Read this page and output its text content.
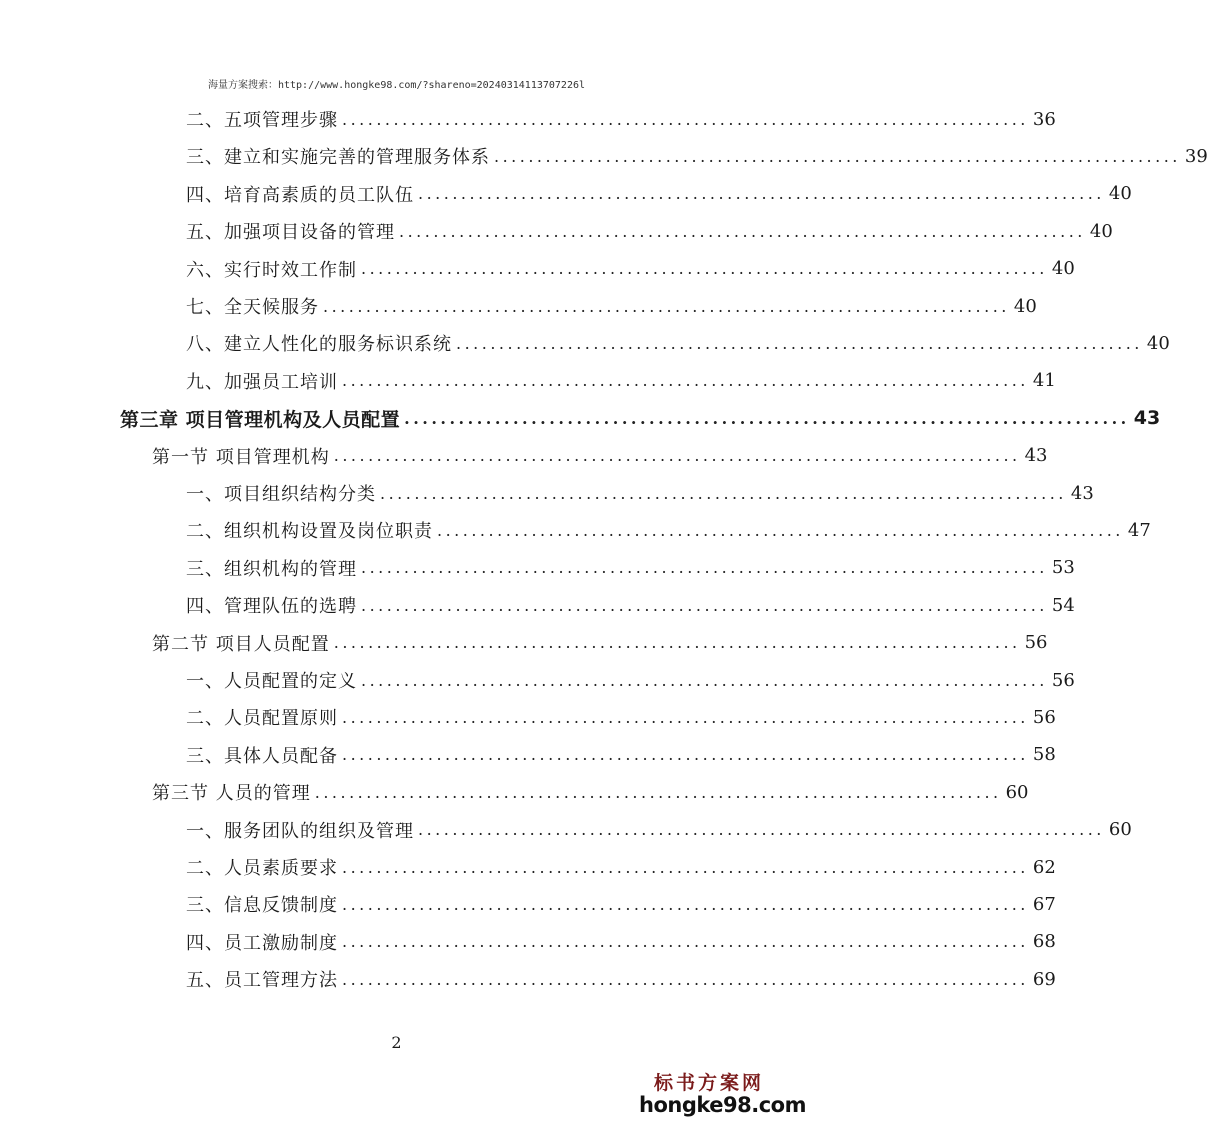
海量方案搜索：http://www.hongke98.com/?shareno=20240314113707226l
二、五项管理步骤 ................................................................................ 36
三、建立和实施完善的管理服务体系 ................................................................................ 39
四、培育高素质的员工队伍 ................................................................................ 40
五、加强项目设备的管理 ................................................................................ 40
六、实行时效工作制 ................................................................................ 40
七、全天候服务 ................................................................................ 40
八、建立人性化的服务标识系统 ................................................................................ 40
九、加强员工培训 ................................................................................ 41
第三章 项目管理机构及人员配置 ................................................................................ 43
第一节 项目管理机构 ................................................................................ 43
一、项目组织结构分类 ................................................................................ 43
二、组织机构设置及岗位职责 ................................................................................ 47
三、组织机构的管理 ................................................................................ 53
四、管理队伍的选聘 ................................................................................ 54
第二节 项目人员配置 ................................................................................ 56
一、人员配置的定义 ................................................................................ 56
二、人员配置原则 ................................................................................ 56
三、具体人员配备 ................................................................................ 58
第三节 人员的管理 ................................................................................ 60
一、服务团队的组织及管理 ................................................................................ 60
二、人员素质要求 ................................................................................ 62
三、信息反馈制度 ................................................................................ 67
四、员工激励制度 ................................................................................ 68
五、员工管理方法 ................................................................................ 69
2
标书方案网
hongke98.com
